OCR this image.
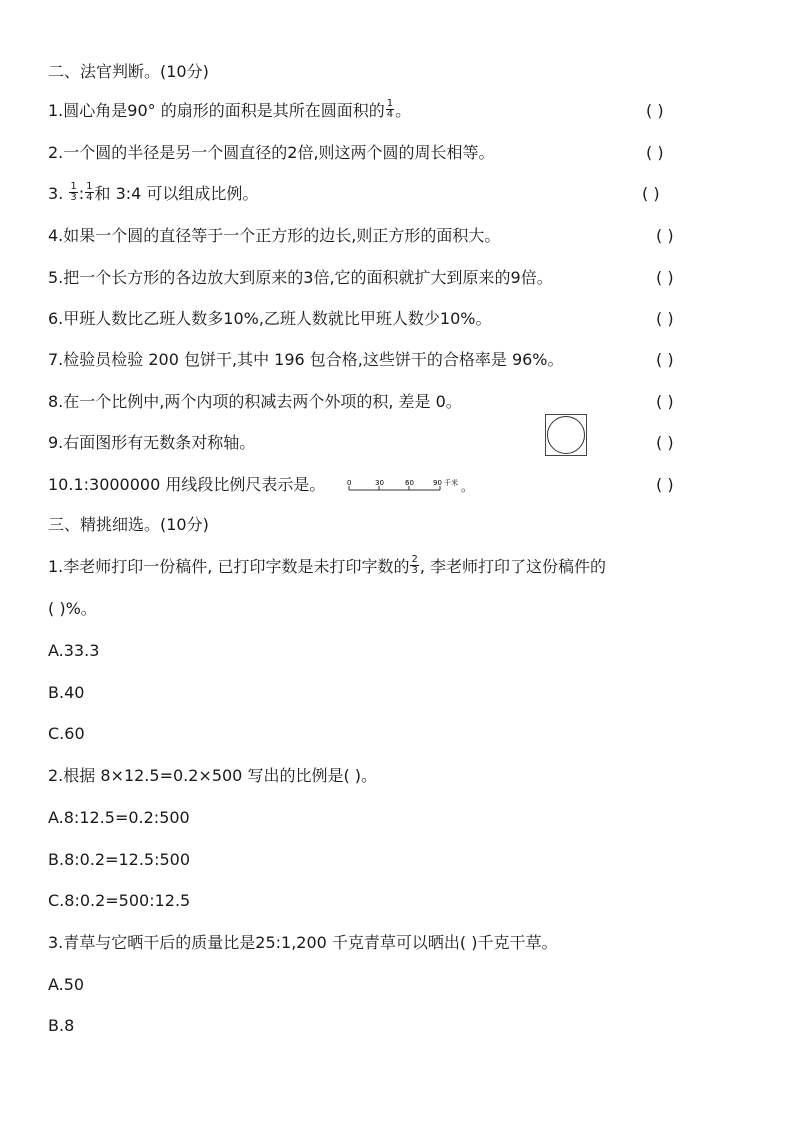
二、法官判断。(10分)
1.圆心角是90° 的扇形的面积是其所在圆面积的 $\frac{1}{4}$ 。	( )
2.一个圆的半径是另一个圆直径的2倍,则这两个圆的周长相等。	( )
3. $\frac{1}{3}$ : $\frac{1}{4}$ 和 3:4 可以组成比例。	( )
4.如果一个圆的直径等于一个正方形的边长,则正方形的面积大。	( )
5.把一个长方形的各边放大到原来的3倍,它的面积就扩大到原来的9倍。	( )
6.甲班人数比乙班人数多10%,乙班人数就比甲班人数少10%。	( )
7.检验员检验 200 包饼干,其中 196 包合格,这些饼干的合格率是 96%。	( )
8.在一个比例中,两个内项的积减去两个外项的积, 差是 0。	( )
9.右面图形有无数条对称轴。	( )
10.1:3000000 用线段比例尺表示是。	0	30	60	90 千米 。	( )
三、精挑细选。(10分)
1.李老师打印一份稿件, 已打印字数是未打印字数的 $\frac{2}{3}$ , 李老师打印了这份稿件的
( )%。
A.33.3
B.40
C.60
2.根据 8×12.5=0.2×500 写出的比例是( )。
A.8:12.5=0.2:500
B.8:0.2=12.5:500
C.8:0.2=500:12.5
3.青草与它晒干后的质量比是25:1,200 千克青草可以晒出( )千克干草。
A.50
B.8
